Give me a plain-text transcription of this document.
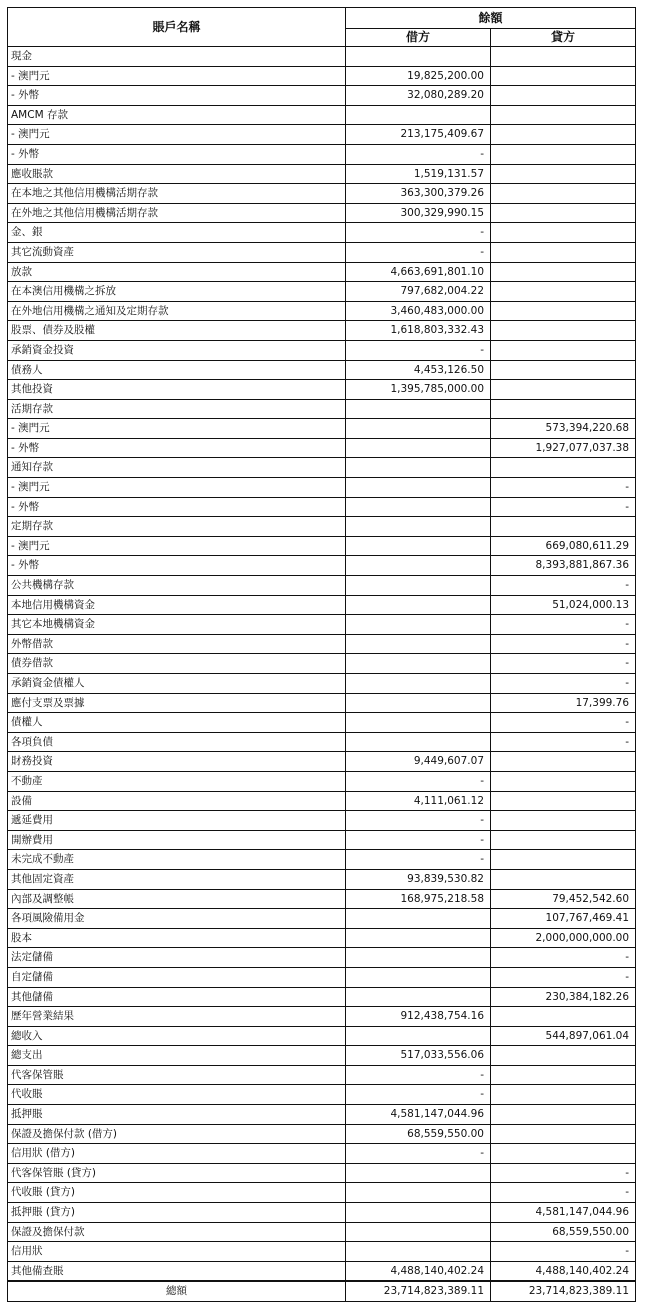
賬戶名稱	餘額	
	借方	貸方
現金		
- 澳門元	19,825,200.00	
- 外幣	32,080,289.20	
AMCM 存款		
- 澳門元	213,175,409.67	
- 外幣	-	
應收賬款	1,519,131.57	
在本地之其他信用機構活期存款	363,300,379.26	
在外地之其他信用機構活期存款	300,329,990.15	
金、銀	-	
其它流動資產	-	
放款	4,663,691,801.10	
在本澳信用機構之拆放	797,682,004.22	
在外地信用機構之通知及定期存款	3,460,483,000.00	
股票、債券及股權	1,618,803,332.43	
承銷資金投資	-	
債務人	4,453,126.50	
其他投資	1,395,785,000.00	
活期存款		
- 澳門元		573,394,220.68
- 外幣		1,927,077,037.38
通知存款		
- 澳門元		-
- 外幣		-
定期存款		
- 澳門元		669,080,611.29
- 外幣		8,393,881,867.36
公共機構存款		-
本地信用機構資金		51,024,000.13
其它本地機構資金		-
外幣借款		-
債券借款		-
承銷資金債權人		-
應付支票及票據		17,399.76
債權人		-
各項負債		-
財務投資	9,449,607.07	
不動產	-	
設備	4,111,061.12	
遞延費用	-	
開辦費用	-	
未完成不動產	-	
其他固定資產	93,839,530.82	
內部及調整帳	168,975,218.58	79,452,542.60
各項風險備用金		107,767,469.41
股本		2,000,000,000.00
法定儲備		-
自定儲備		-
其他儲備		230,384,182.26
歷年營業結果	912,438,754.16	
總收入		544,897,061.04
總支出	517,033,556.06	
代客保管賬	-	
代收賬	-	
抵押賬	4,581,147,044.96	
保證及擔保付款 (借方)	68,559,550.00	
信用狀 (借方)	-	
代客保管賬 (貸方)		-
代收賬 (貸方)		-
抵押賬 (貸方)		4,581,147,044.96
保證及擔保付款		68,559,550.00
信用狀		-
其他備查賬	4,488,140,402.24	4,488,140,402.24
總額	23,714,823,389.11	23,714,823,389.11
